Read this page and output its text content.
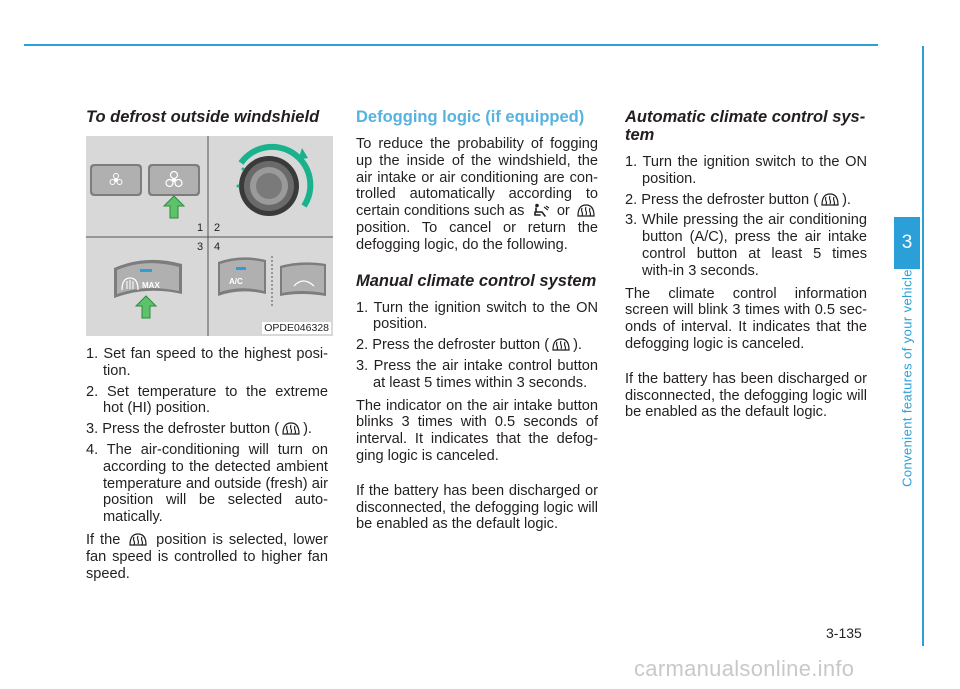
To defrost outside windshield
1 2
3 4
MAX	A/C
OPDE046328
1. Set fan speed to the highest posi-tion.
2. Set temperature to the extreme hot (HI) position.
3. Press the defroster button ( ).
4. The air-conditioning will turn on according to the detected ambient temperature and outside (fresh) air position will be selected auto-matically.

If the position is selected, lower fan speed is controlled to higher fan speed.

Defogging logic (if equipped)

To reduce the probability of fogging up the inside of the windshield, the air intake or air conditioning are con-trolled automatically according to certain conditions such as or  position. To cancel or return the defogging logic, do the following.

Manual climate control system
1. Turn the ignition switch to the ON position.
2. Press the defroster button ( ).
3. Press the air intake control button at least 5 times within 3 seconds.

The indicator on the air intake button blinks 3 times with 0.5 seconds of interval. It indicates that the defog-ging logic is canceled.

If the battery has been discharged or disconnected, the defogging logic will be enabled as the default logic.

Automatic climate control sys-tem
1. Turn the ignition switch to the ON position.
2. Press the defroster button ( ).
3. While pressing the air conditioning button (A/C), press the air intake control button at least 5 times with-in 3 seconds.

The climate control information screen will blink 3 times with 0.5 sec-onds of interval. It indicates that the defogging logic is canceled.

If the battery has been discharged or disconnected, the defogging logic will be enabled as the default logic.

3
Convenient features of your vehicle
3-135
carmanualsonline.info
